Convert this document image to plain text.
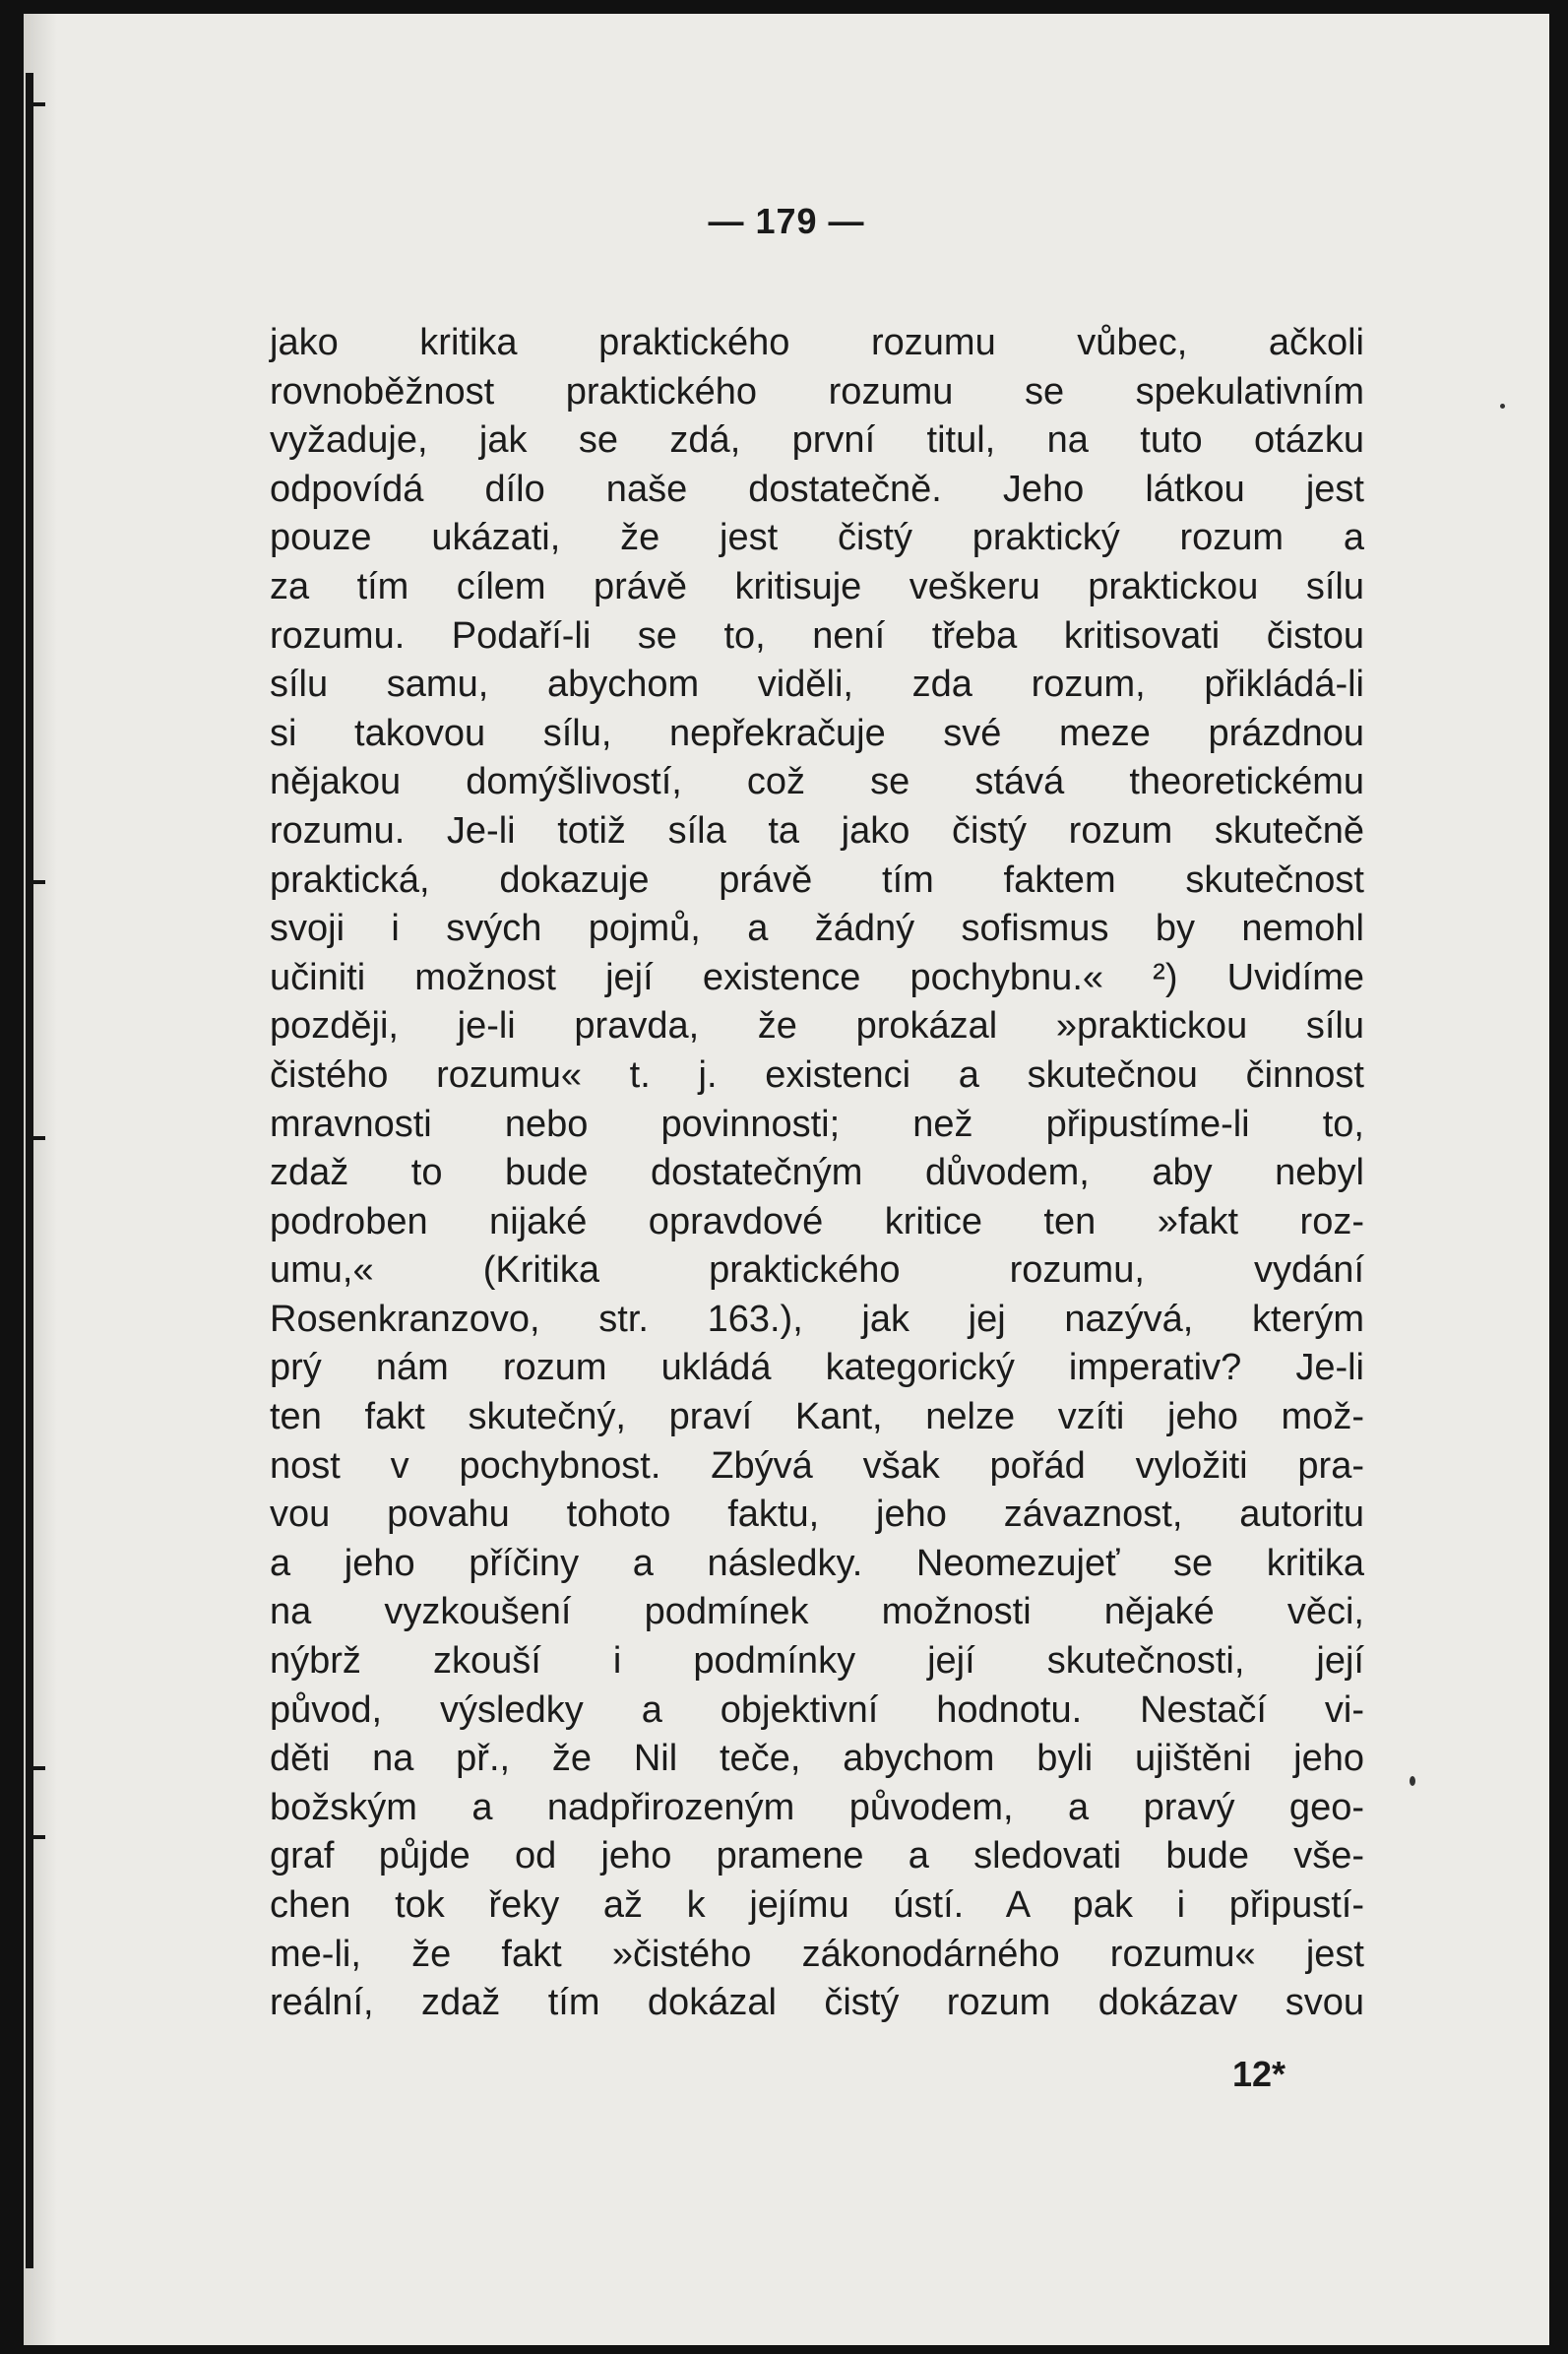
— 179 —
jako kritika praktického rozumu vůbec, ačkoli
rovnoběžnost praktického rozumu se spekulativním
vyžaduje, jak se zdá, první titul, na tuto otázku
odpovídá dílo naše dostatečně. Jeho látkou jest
pouze ukázati, že jest čistý praktický rozum a
za tím cílem právě kritisuje veškeru praktickou sílu
rozumu. Podaří-li se to, není třeba kritisovati čistou
sílu samu, abychom viděli, zda rozum, přikládá-li
si takovou sílu, nepřekračuje své meze prázdnou
nějakou domýšlivostí, což se stává theoretickému
rozumu. Je-li totiž síla ta jako čistý rozum skutečně
praktická, dokazuje právě tím faktem skutečnost
svoji i svých pojmů, a žádný sofismus by nemohl
učiniti možnost její existence pochybnu.« ²) Uvidíme
později, je-li pravda, že prokázal »praktickou sílu
čistého rozumu« t. j. existenci a skutečnou činnost
mravnosti nebo povinnosti; než připustíme-li to,
zdaž to bude dostatečným důvodem, aby nebyl
podroben nijaké opravdové kritice ten »fakt roz-
umu,« (Kritika praktického rozumu, vydání
Rosenkranzovo, str. 163.), jak jej nazývá, kterým
prý nám rozum ukládá kategorický imperativ? Je-li
ten fakt skutečný, praví Kant, nelze vzíti jeho mož-
nost v pochybnost. Zbývá však pořád vyložiti pra-
vou povahu tohoto faktu, jeho závaznost, autoritu
a jeho příčiny a následky. Neomezujeť se kritika
na vyzkoušení podmínek možnosti nějaké věci,
nýbrž zkouší i podmínky její skutečnosti, její
původ, výsledky a objektivní hodnotu. Nestačí vi-
děti na př., že Nil teče, abychom byli ujištěni jeho
božským a nadpřirozeným původem, a pravý geo-
graf půjde od jeho pramene a sledovati bude vše-
chen tok řeky až k jejímu ústí. A pak i připustí-
me-li, že fakt »čistého zákonodárného rozumu« jest
reální, zdaž tím dokázal čistý rozum dokázav svou
12*
